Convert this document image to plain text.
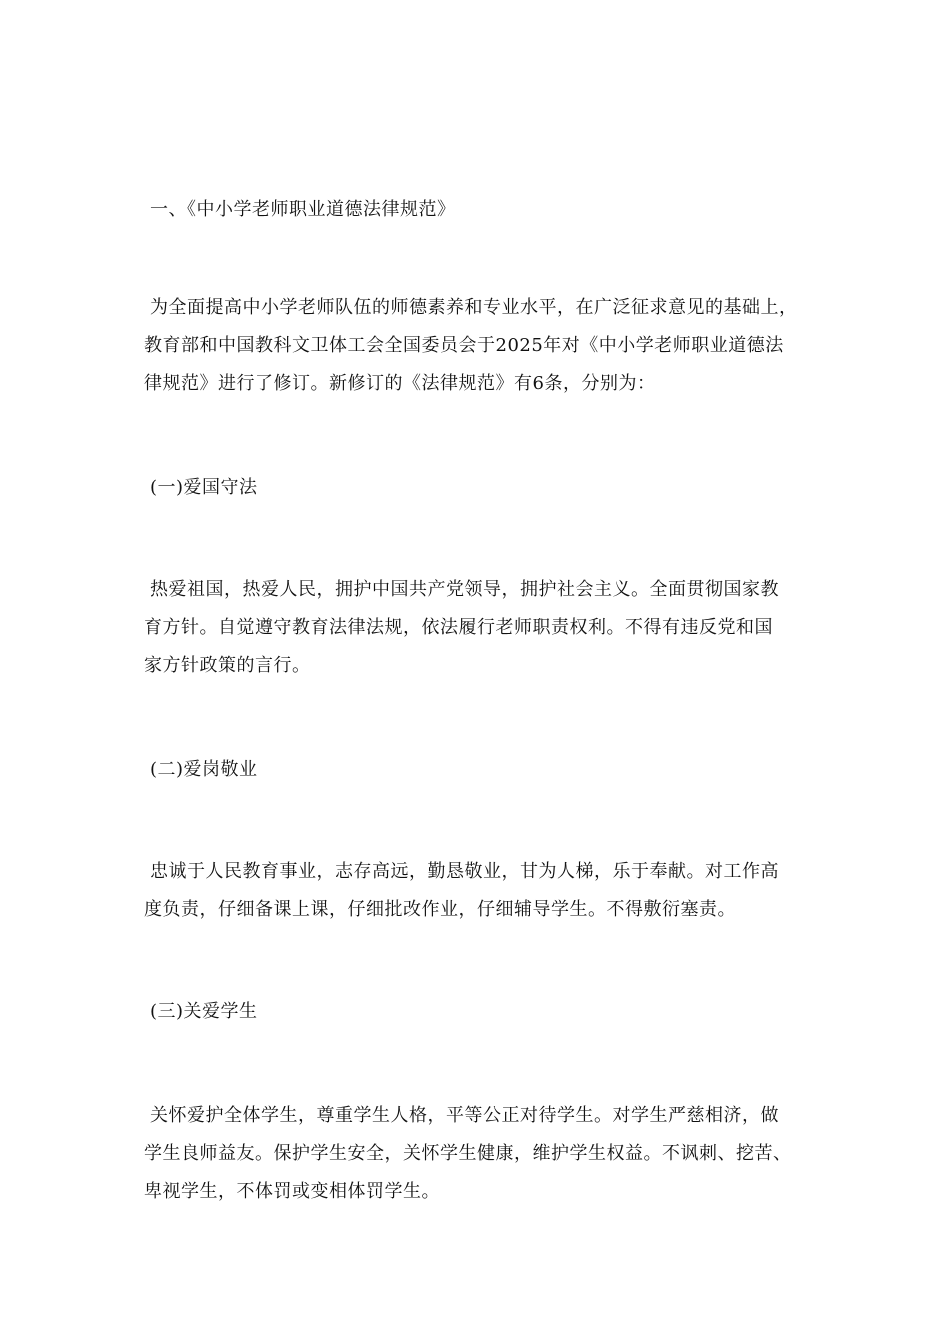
一、《中小学老师职业道德法律规范》
为全面提高中小学老师队伍的师德素养和专业水平，在广泛征求意见的基础上，
教育部和中国教科文卫体工会全国委员会于2025年对《中小学老师职业道德法
律规范》进行了修订。新修订的《法律规范》有6条，分别为：
(一)爱国守法
热爱祖国，热爱人民，拥护中国共产党领导，拥护社会主义。全面贯彻国家教
育方针。自觉遵守教育法律法规，依法履行老师职责权利。不得有违反党和国
家方针政策的言行。
(二)爱岗敬业
忠诚于人民教育事业，志存高远，勤恳敬业，甘为人梯，乐于奉献。对工作高
度负责，仔细备课上课，仔细批改作业，仔细辅导学生。不得敷衍塞责。
(三)关爱学生
关怀爱护全体学生，尊重学生人格，平等公正对待学生。对学生严慈相济，做
学生良师益友。保护学生安全，关怀学生健康，维护学生权益。不讽刺、挖苦、
卑视学生，不体罚或变相体罚学生。
